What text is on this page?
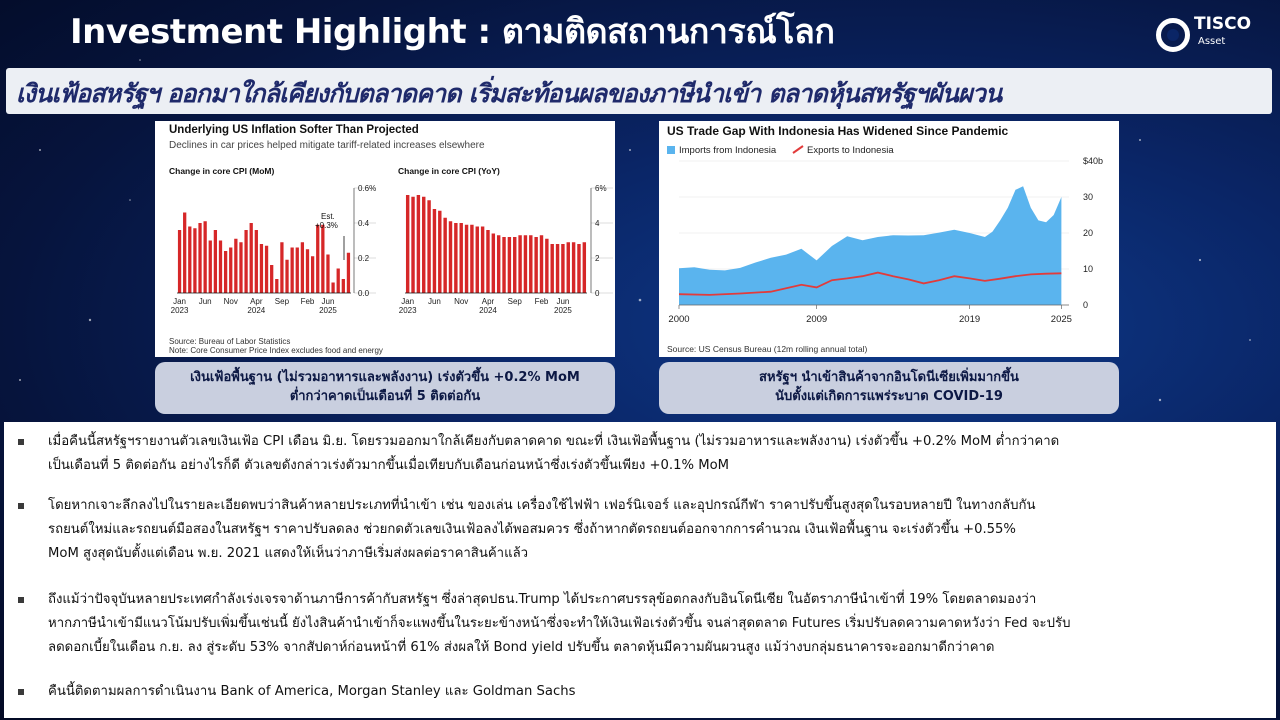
Investment Highlight : ตามติดสถานการณ์โลก	TISCO
Asset
เงินเฟ้อสหรัฐฯ ออกมาใกล้เคียงกับตลาดคาด เริ่มสะท้อนผลของภาษีนำเข้า ตลาดหุ้นสหรัฐฯผันผวน
Underlying US Inflation Softer Than Projected
Declines in car prices helped mitigate tariff-related increases elsewhere
Change in core CPI (MoM)	Change in core CPI (YoY)
0.6%
0.4
0.2
0.0
Jan
2023
Jun Nov Apr
2024
Sep Feb Jun
2025
6%
4
2
0
Jan
2023
Jun Nov Apr
2024
Sep Feb Jun
2025
Est.
+0.3%
Source: Bureau of Labor Statistics
Note: Core Consumer Price Index excludes food and energy
US Trade Gap With Indonesia Has Widened Since Pandemic
Imports from Indonesia	Exports to Indonesia
$40b
30
20
10
0
2000	2009	2019	2025
Source: US Census Bureau (12m rolling annual total)
เงินเฟ้อพื้นฐาน (ไม่รวมอาหารและพลังงาน) เร่งตัวขึ้น +0.2% MoM
ต่ำกว่าคาดเป็นเดือนที่ 5 ติดต่อกัน
สหรัฐฯ นำเข้าสินค้าจากอินโดนีเซียเพิ่มมากขึ้น
นับตั้งแต่เกิดการแพร่ระบาด COVID-19
เมื่อคืนนี้สหรัฐฯรายงานตัวเลขเงินเฟ้อ CPI เดือน มิ.ย. โดยรวมออกมาใกล้เคียงกับตลาดคาด ขณะที่ เงินเฟ้อพื้นฐาน (ไม่รวมอาหารและพลังงาน) เร่งตัวขึ้น +0.2% MoM ต่ำกว่าคาด
เป็นเดือนที่ 5 ติดต่อกัน อย่างไรก็ดี ตัวเลขดังกล่าวเร่งตัวมากขึ้นเมื่อเทียบกับเดือนก่อนหน้าซึ่งเร่งตัวขึ้นเพียง +0.1% MoM
โดยหากเจาะลึกลงไปในรายละเอียดพบว่าสินค้าหลายประเภทที่นำเข้า เช่น ของเล่น เครื่องใช้ไฟฟ้า เฟอร์นิเจอร์ และอุปกรณ์กีฬา ราคาปรับขึ้นสูงสุดในรอบหลายปี ในทางกลับกัน
รถยนต์ใหม่และรถยนต์มือสองในสหรัฐฯ ราคาปรับลดลง ช่วยกดตัวเลขเงินเฟ้อลงได้พอสมควร ซึ่งถ้าหากตัดรถยนต์ออกจากการคำนวณ เงินเฟ้อพื้นฐาน จะเร่งตัวขึ้น +0.55%
MoM สูงสุดนับตั้งแต่เดือน พ.ย. 2021 แสดงให้เห็นว่าภาษีเริ่มส่งผลต่อราคาสินค้าแล้ว
ถึงแม้ว่าปัจจุบันหลายประเทศกำลังเร่งเจรจาด้านภาษีการค้ากับสหรัฐฯ ซึ่งล่าสุดปธน.Trump ได้ประกาศบรรลุข้อตกลงกับอินโดนีเซีย ในอัตราภาษีนำเข้าที่ 19% โดยตลาดมองว่า
หากภาษีนำเข้ามีแนวโน้มปรับเพิ่มขึ้นเช่นนี้ ยังไงสินค้านำเข้าก็จะแพงขึ้นในระยะข้างหน้าซึ่งจะทำให้เงินเฟ้อเร่งตัวขึ้น จนล่าสุดตลาด Futures เริ่มปรับลดความคาดหวังว่า Fed จะปรับ
ลดดอกเบี้ยในเดือน ก.ย. ลง สู่ระดับ 53% จากสัปดาห์ก่อนหน้าที่ 61% ส่งผลให้ Bond yield ปรับขึ้น ตลาดหุ้นมีความผันผวนสูง แม้ว่างบกลุ่มธนาคารจะออกมาดีกว่าคาด
คืนนี้ติดตามผลการดำเนินงาน Bank of America, Morgan Stanley และ Goldman Sachs
